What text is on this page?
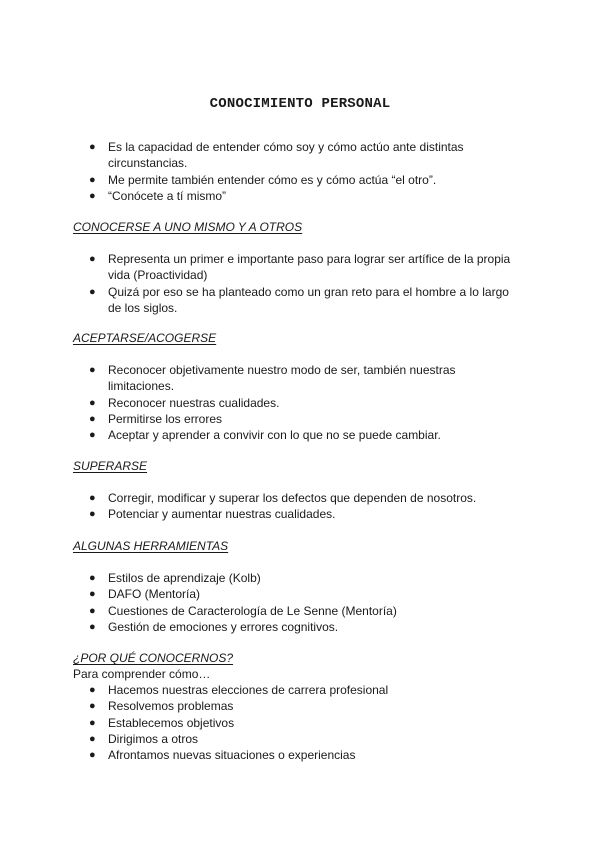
CONOCIMIENTO PERSONAL
● Es la capacidad de entender cómo soy y cómo actúo ante distintas circunstancias.
● Me permite también entender cómo es y cómo actúa “el otro”.
● “Conócete a tí mismo”
CONOCERSE A UNO MISMO Y A OTROS
● Representa un primer e importante paso para lograr ser artífice de la propia vida (Proactividad)
● Quizá por eso se ha planteado como un gran reto para el hombre a lo largo de los siglos.
ACEPTARSE/ACOGERSE
● Reconocer objetivamente nuestro modo de ser, también nuestras limitaciones.
● Reconocer nuestras cualidades.
● Permitirse los errores
● Aceptar y aprender a convivir con lo que no se puede cambiar.
SUPERARSE
● Corregir, modificar y superar los defectos que dependen de nosotros.
● Potenciar y aumentar nuestras cualidades.
ALGUNAS HERRAMIENTAS
● Estilos de aprendizaje (Kolb)
● DAFO (Mentoría)
● Cuestiones de Caracterología de Le Senne (Mentoría)
● Gestión de emociones y errores cognitivos.
¿POR QUÉ CONOCERNOS?
Para comprender cómo…
● Hacemos nuestras elecciones de carrera profesional
● Resolvemos problemas
● Establecemos objetivos
● Dirigimos a otros
● Afrontamos nuevas situaciones o experiencias
